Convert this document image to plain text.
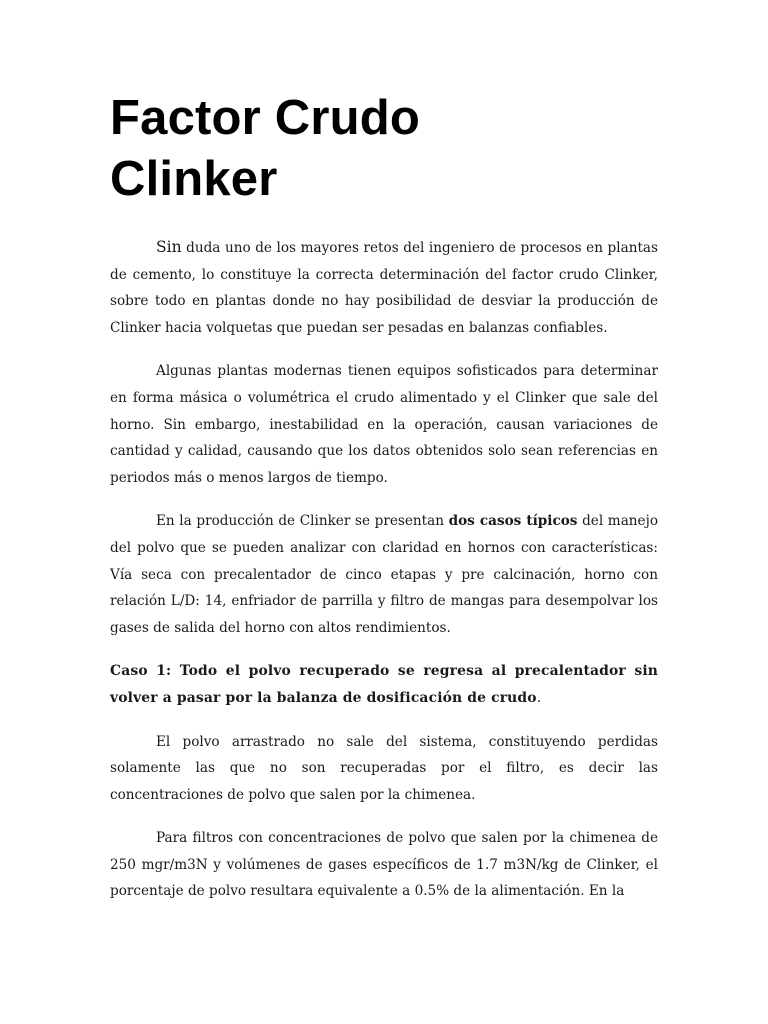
Factor Crudo
Clinker

Sin duda uno de los mayores retos del ingeniero de procesos en plantas de cemento, lo constituye la correcta determinación del factor crudo Clinker, sobre todo en plantas donde no hay posibilidad de desviar la producción de Clinker hacia volquetas que puedan ser pesadas en balanzas confiables.

Algunas plantas modernas tienen equipos sofisticados para determinar en forma másica o volumétrica el crudo alimentado y el Clinker que sale del horno. Sin embargo, inestabilidad en la operación, causan variaciones de cantidad y calidad, causando que los datos obtenidos solo sean referencias en periodos más o menos largos de tiempo.

En la producción de Clinker se presentan dos casos típicos del manejo del polvo que se pueden analizar con claridad en hornos con características: Vía seca con precalentador de cinco etapas y pre calcinación, horno con relación L/D: 14, enfriador de parrilla y filtro de mangas para desempolvar los gases de salida del horno con altos rendimientos.

Caso 1: Todo el polvo recuperado se regresa al precalentador sin volver a pasar por la balanza de dosificación de crudo.

El polvo arrastrado no sale del sistema, constituyendo perdidas solamente las que no son recuperadas por el filtro, es decir las concentraciones de polvo que salen por la chimenea.

Para filtros con concentraciones de polvo que salen por la chimenea de 250 mgr/m3N y volúmenes de gases específicos de 1.7 m3N/kg de Clinker, el porcentaje de polvo resultara equivalente a 0.5% de la alimentación. En la
